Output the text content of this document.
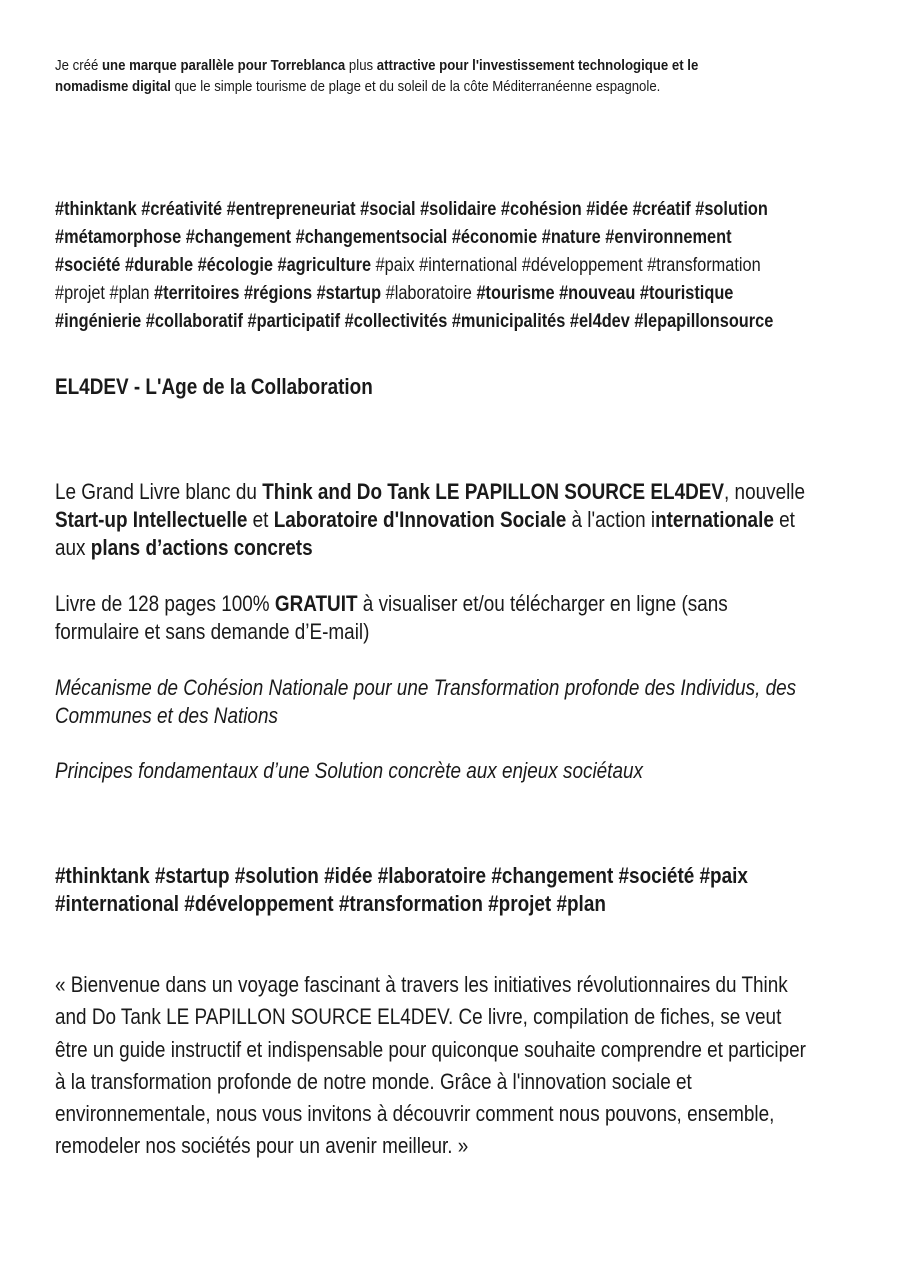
Je créé une marque parallèle pour Torreblanca plus attractive pour l'investissement technologique et le
nomadisme digital que le simple tourisme de plage et du soleil de la côte Méditerranéenne espagnole.
#thinktank #créativité #entrepreneuriat #social #solidaire #cohésion #idée #créatif #solution
#métamorphose #changement #changementsocial #économie #nature #environnement
#société #durable #écologie #agriculture #paix #international #développement #transformation
#projet #plan #territoires #régions #startup #laboratoire #tourisme #nouveau #touristique
#ingénierie #collaboratif #participatif #collectivités #municipalités #el4dev #lepapillonsource
EL4DEV - L'Age de la Collaboration
Le Grand Livre blanc du Think and Do Tank LE PAPILLON SOURCE EL4DEV, nouvelle
Start-up Intellectuelle et Laboratoire d'Innovation Sociale à l'action internationale et
aux plans d’actions concrets
Livre de 128 pages 100% GRATUIT à visualiser et/ou télécharger en ligne (sans
formulaire et sans demande d’E-mail)
Mécanisme de Cohésion Nationale pour une Transformation profonde des Individus, des
Communes et des Nations
Principes fondamentaux d’une Solution concrète aux enjeux sociétaux
#thinktank #startup #solution #idée #laboratoire #changement #société #paix
#international #développement #transformation #projet #plan
« Bienvenue dans un voyage fascinant à travers les initiatives révolutionnaires du Think
and Do Tank LE PAPILLON SOURCE EL4DEV. Ce livre, compilation de fiches, se veut
être un guide instructif et indispensable pour quiconque souhaite comprendre et participer
à la transformation profonde de notre monde. Grâce à l'innovation sociale et
environnementale, nous vous invitons à découvrir comment nous pouvons, ensemble,
remodeler nos sociétés pour un avenir meilleur. »
